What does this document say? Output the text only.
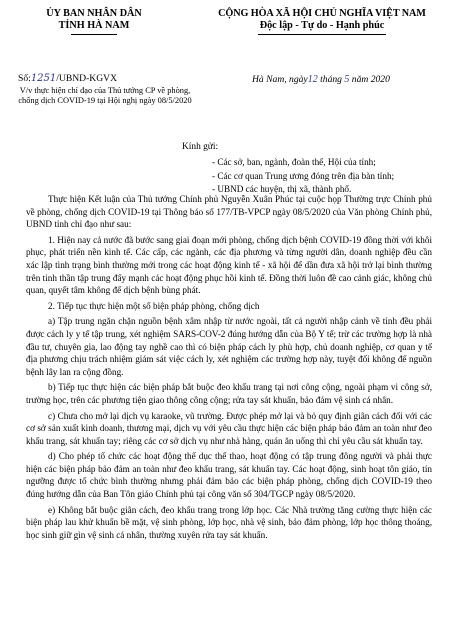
ỦY BAN NHÂN DÂN
TỈNH HÀ NAM
CỘNG HÒA XÃ HỘI CHỦ NGHĨA VIỆT NAM
Độc lập - Tự do - Hạnh phúc
Số:1251/UBND-KGVX
V/v thực hiện chỉ đạo của Thủ tướng CP về phòng, chống dịch COVID-19 tại Hội nghị ngày 08/5/2020
Hà Nam, ngày12 tháng 5 năm 2020
Kính gửi:
- Các sở, ban, ngành, đoàn thể, Hội của tỉnh;
- Các cơ quan Trung ương đóng trên địa bàn tỉnh;
- UBND các huyện, thị xã, thành phố.

Thực hiện Kết luận của Thủ tướng Chính phủ Nguyễn Xuân Phúc tại cuộc họp Thường trực Chính phủ về phòng, chống dịch COVID-19 tại Thông báo số 177/TB-VPCP ngày 08/5/2020 của Văn phòng Chính phủ, UBND tỉnh chỉ đạo như sau:

1. Hiện nay cả nước đã bước sang giai đoạn mới phòng, chống dịch bệnh COVID-19 đồng thời với khôi phục, phát triển nền kinh tế. Các cấp, các ngành, các địa phương và từng người dân, doanh nghiệp đều cần xác lập tình trạng bình thường mới trong các hoạt động kinh tế - xã hội để dần đưa xã hội trở lại bình thường trên tinh thần tập trung đẩy mạnh các hoạt động phục hồi kinh tế. Đồng thời luôn đề cao cảnh giác, không chủ quan, quyết tâm không để dịch bệnh bùng phát.

2. Tiếp tục thực hiện một số biện pháp phòng, chống dịch

a) Tập trung ngăn chặn nguồn bệnh xâm nhập từ nước ngoài, tất cả người nhập cảnh về tỉnh đều phải được cách ly y tế tập trung, xét nghiệm SARS-COV-2 đúng hướng dẫn của Bộ Y tế; trừ các trường hợp là nhà đầu tư, chuyên gia, lao động tay nghề cao thì có biện pháp cách ly phù hợp, chủ doanh nghiệp, cơ quan y tế địa phương chịu trách nhiệm giám sát việc cách ly, xét nghiệm các trường hợp này, tuyệt đối không để nguồn bệnh lây lan ra cộng đồng.

b) Tiếp tục thực hiện các biện pháp bắt buộc đeo khẩu trang tại nơi công cộng, ngoài phạm vi công sở, trường học, trên các phương tiện giao thông công cộng; rửa tay sát khuẩn, bảo đảm vệ sinh cá nhân.

c) Chưa cho mở lại dịch vụ karaoke, vũ trường. Được phép mở lại và bỏ quy định giãn cách đối với các cơ sở sản xuất kinh doanh, thương mại, dịch vụ với yêu cầu thực hiện các biện pháp bảo đảm an toàn như đeo khẩu trang, sát khuẩn tay; riêng các cơ sở dịch vụ như nhà hàng, quán ăn uống thì chỉ yêu cầu sát khuẩn tay.

d) Cho phép tổ chức các hoạt động thể dục thể thao, hoạt động có tập trung đông người và phải thực hiện các biện pháp bảo đảm an toàn như đeo khẩu trang, sát khuẩn tay. Các hoạt động, sinh hoạt tôn giáo, tín ngưỡng được tổ chức bình thường nhưng phải đảm bảo các biện pháp phòng, chống dịch COVID-19 theo đúng hướng dẫn của Ban Tôn giáo Chính phủ tại công văn số 304/TGCP ngày 08/5/2020.

e) Không bắt buộc giãn cách, đeo khẩu trang trong lớp học. Các Nhà trường tăng cường thực hiện các biện pháp lau khử khuẩn bề mặt, vệ sinh phòng, lớp học, nhà vệ sinh, bảo đảm phòng, lớp học thông thoáng, học sinh giữ gìn vệ sinh cá nhân, thường xuyên rửa tay sát khuẩn.
